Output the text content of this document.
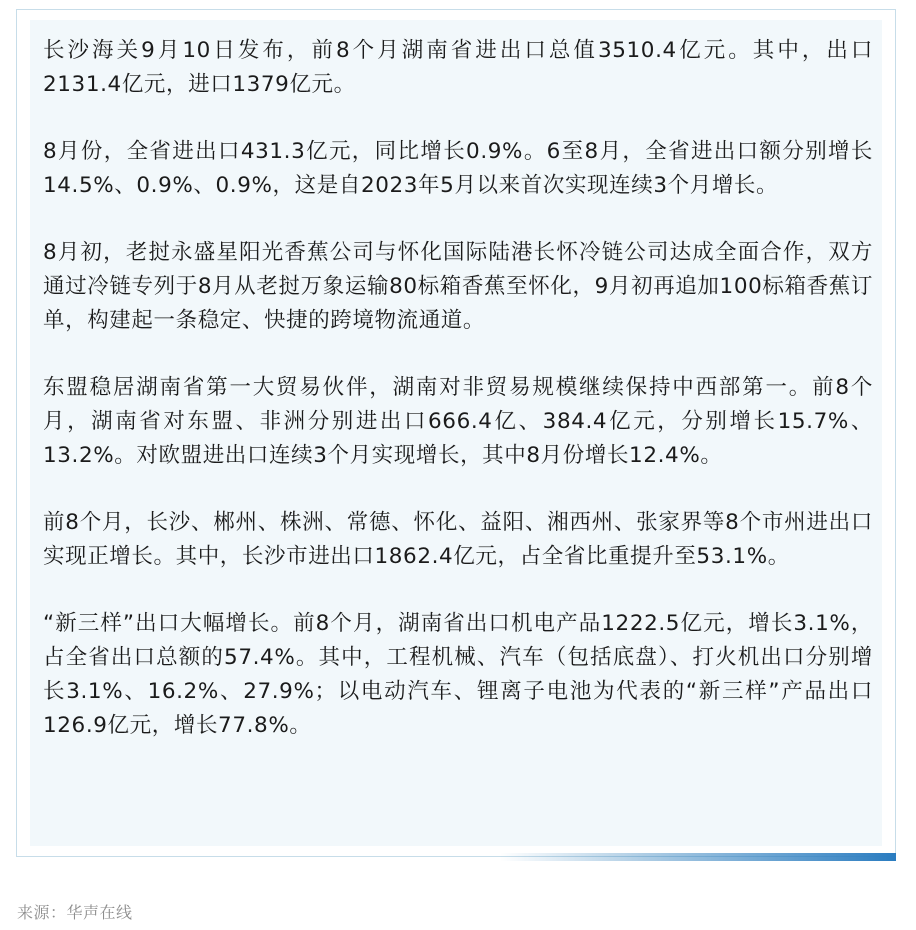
长沙海关9月10日发布，前8个月湖南省进出口总值3510.4亿元。其中，出口2131.4亿元，进口1379亿元。

8月份，全省进出口431.3亿元，同比增长0.9%。6至8月，全省进出口额分别增长14.5%、0.9%、0.9%，这是自2023年5月以来首次实现连续3个月增长。

8月初，老挝永盛星阳光香蕉公司与怀化国际陆港长怀冷链公司达成全面合作，双方通过冷链专列于8月从老挝万象运输80标箱香蕉至怀化，9月初再追加100标箱香蕉订单，构建起一条稳定、快捷的跨境物流通道。

东盟稳居湖南省第一大贸易伙伴，湖南对非贸易规模继续保持中西部第一。前8个月，湖南省对东盟、非洲分别进出口666.4亿、384.4亿元，分别增长15.7%、13.2%。对欧盟进出口连续3个月实现增长，其中8月份增长12.4%。

前8个月，长沙、郴州、株洲、常德、怀化、益阳、湘西州、张家界等8个市州进出口实现正增长。其中，长沙市进出口1862.4亿元，占全省比重提升至53.1%。

“新三样”出口大幅增长。前8个月，湖南省出口机电产品1222.5亿元，增长3.1%，占全省出口总额的57.4%。其中，工程机械、汽车（包括底盘）、打火机出口分别增长3.1%、16.2%、27.9%；以电动汽车、锂离子电池为代表的“新三样”产品出口126.9亿元，增长77.8%。

来源：华声在线
